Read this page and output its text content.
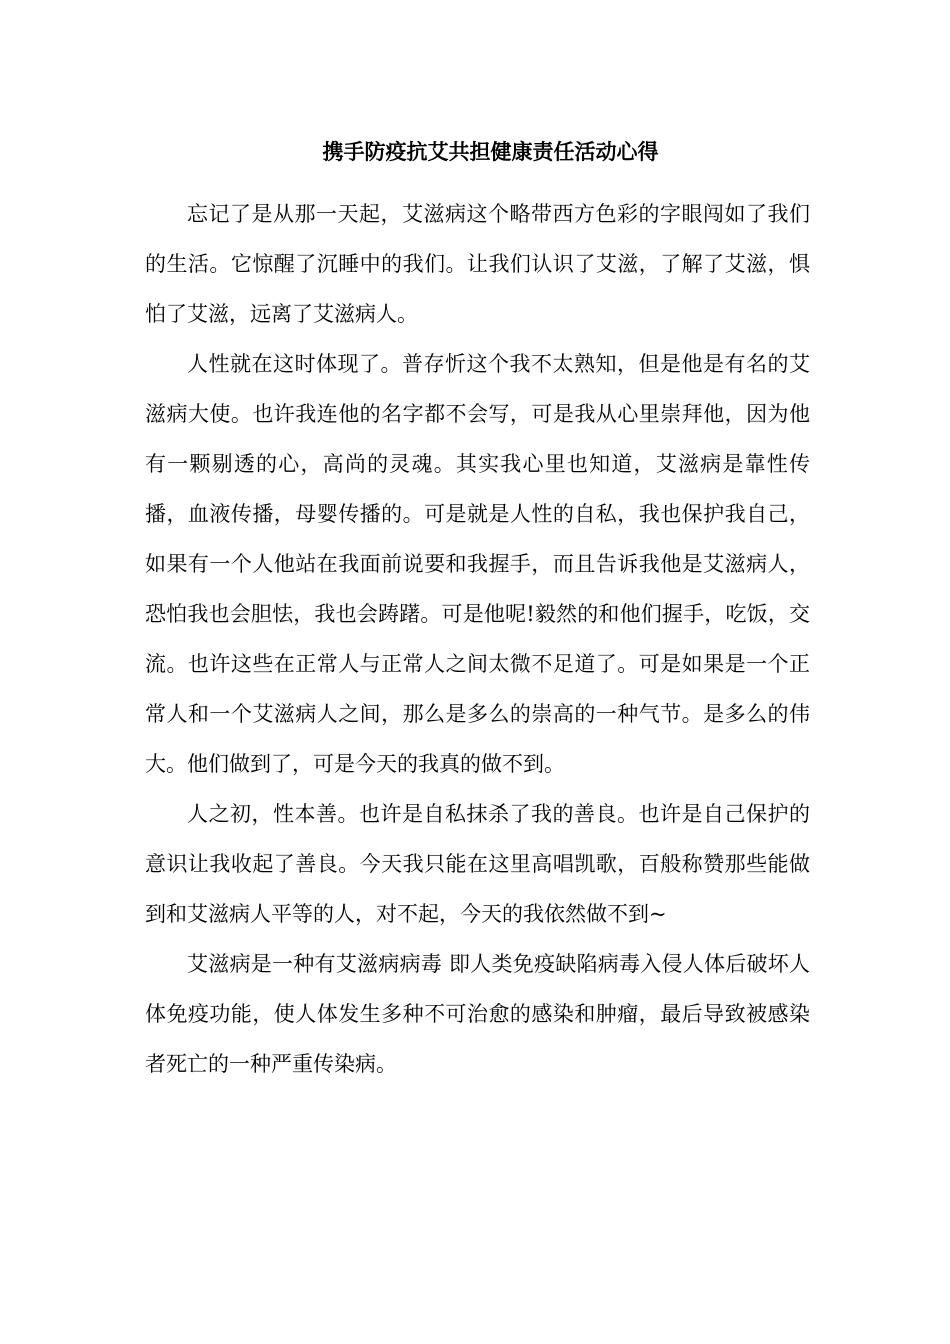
携手防疫抗艾共担健康责任活动心得

忘记了是从那一天起，艾滋病这个略带西方色彩的字眼闯如了我们的生活。它惊醒了沉睡中的我们。让我们认识了艾滋，了解了艾滋，惧怕了艾滋，远离了艾滋病人。

人性就在这时体现了。普存忻这个我不太熟知，但是他是有名的艾滋病大使。也许我连他的名字都不会写，可是我从心里崇拜他，因为他有一颗剔透的心，高尚的灵魂。其实我心里也知道，艾滋病是靠性传播，血液传播，母婴传播的。可是就是人性的自私，我也保护我自己，如果有一个人他站在我面前说要和我握手，而且告诉我他是艾滋病人，恐怕我也会胆怯，我也会踌躇。可是他呢!毅然的和他们握手，吃饭，交流。也许这些在正常人与正常人之间太微不足道了。可是如果是一个正常人和一个艾滋病人之间，那么是多么的崇高的一种气节。是多么的伟大。他们做到了，可是今天的我真的做不到。

人之初，性本善。也许是自私抹杀了我的善良。也许是自己保护的意识让我收起了善良。今天我只能在这里高唱凯歌，百般称赞那些能做到和艾滋病人平等的人，对不起，今天的我依然做不到~

艾滋病是一种有艾滋病病毒 即人类免疫缺陷病毒入侵人体后破坏人体免疫功能，使人体发生多种不可治愈的感染和肿瘤，最后导致被感染者死亡的一种严重传染病。
